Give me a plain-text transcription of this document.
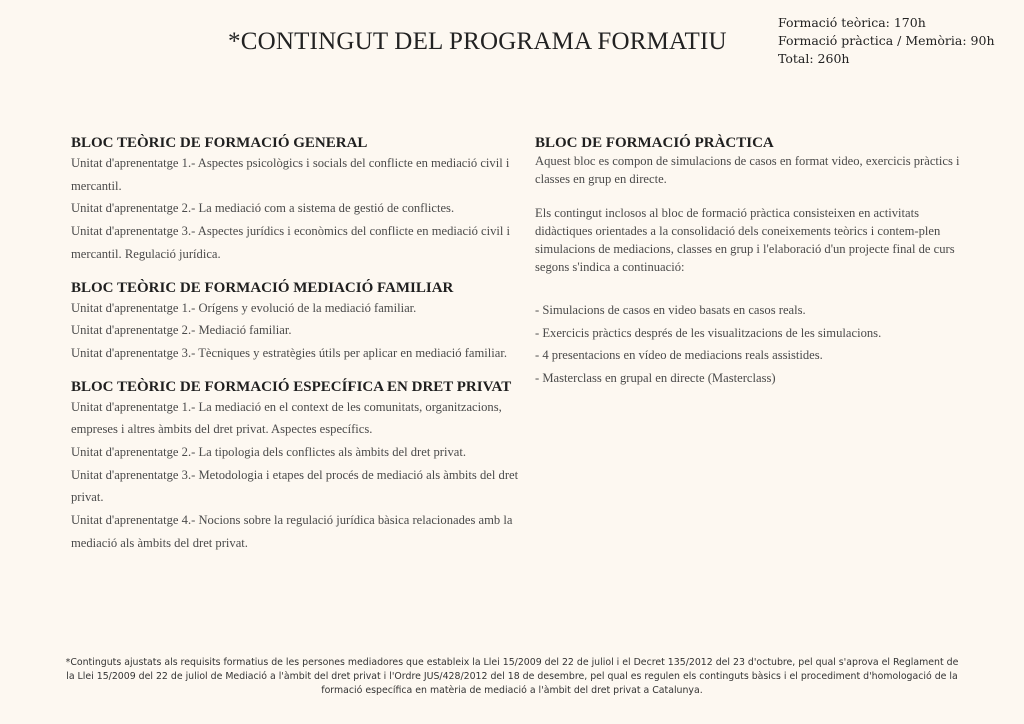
*CONTINGUT DEL PROGRAMA FORMATIU
Formació teòrica: 170h
Formació pràctica / Memòria: 90h
Total: 260h
BLOC TEÒRIC DE FORMACIÓ GENERAL

Unitat d'aprenentatge 1.- Aspectes psicològics i socials del conflicte en mediació civil i mercantil.

Unitat d'aprenentatge 2.- La mediació com a sistema de gestió de conflictes.

Unitat d'aprenentatge 3.- Aspectes jurídics i econòmics del conflicte en mediació civil i mercantil. Regulació jurídica.

BLOC TEÒRIC DE FORMACIÓ MEDIACIÓ FAMILIAR

Unitat d'aprenentatge 1.- Orígens y evolució de la mediació familiar.

Unitat d'aprenentatge 2.- Mediació familiar.

Unitat d'aprenentatge 3.- Tècniques y estratègies útils per aplicar en mediació familiar.

BLOC TEÒRIC DE FORMACIÓ ESPECÍFICA EN DRET PRIVAT

Unitat d'aprenentatge 1.- La mediació en el context de les comunitats, organitzacions, empreses i altres àmbits del dret privat. Aspectes específics.

Unitat d'aprenentatge 2.- La tipologia dels conflictes als àmbits del dret privat.

Unitat d'aprenentatge 3.- Metodologia i etapes del procés de mediació als àmbits del dret privat.

Unitat d'aprenentatge 4.- Nocions sobre la regulació jurídica bàsica relacionades amb la mediació als àmbits del dret privat.

BLOC DE FORMACIÓ PRÀCTICA

Aquest bloc es compon de simulacions de casos en format video, exercicis pràctics i classes en grup en directe.

Els contingut inclosos al bloc de formació pràctica consisteixen en activitats didàctiques orientades a la consolidació dels coneixements teòrics i contem-plen simulacions de mediacions, classes en grup i l'elaboració d'un projecte final de curs segons s'indica a continuació:

- Simulacions de casos en video basats en casos reals.
- Exercicis pràctics després de les visualitzacions de les simulacions.
- 4 presentacions en vídeo de mediacions reals assistides.
- Masterclass en grupal en directe (Masterclass)
*Continguts ajustats als requisits formatius de les persones mediadores que estableix la Llei 15/2009 del 22 de juliol i el Decret 135/2012 del 23 d'octubre, pel qual s'aprova el Reglament de la Llei 15/2009 del 22 de juliol de Mediació a l'àmbit del dret privat i l'Ordre JUS/428/2012 del 18 de desembre, pel qual es regulen els continguts bàsics i el procediment d'homologació de la formació específica en matèria de mediació a l'àmbit del dret privat a Catalunya.
